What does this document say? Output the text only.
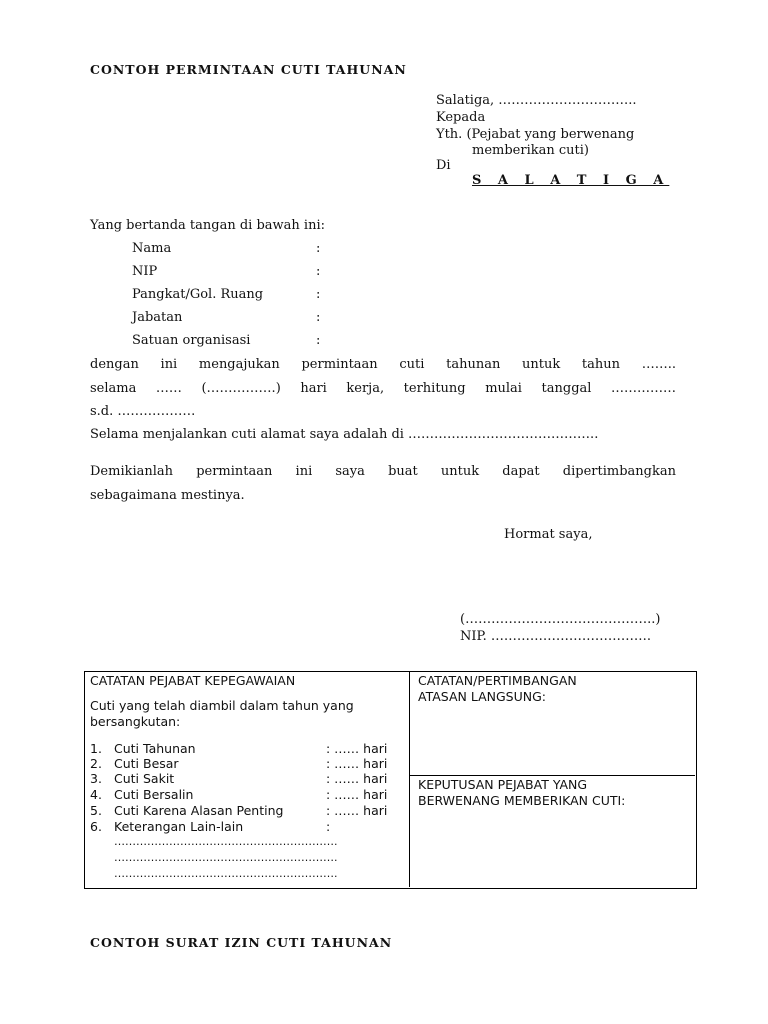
CONTOH PERMINTAAN CUTI TAHUNAN
Salatiga, …………………………..
Kepada
Yth. (Pejabat yang berwenang
memberikan cuti)
Di
S A L A T I G A
Yang bertanda tangan di bawah ini:
Nama	:
NIP	:
Pangkat/Gol. Ruang	:
Jabatan	:
Satuan organisasi	:
dengan ini mengajukan permintaan cuti tahunan untuk tahun ……..
selama …… (…………….) hari kerja, terhitung mulai tanggal ……………
s.d. ………………
Selama menjalankan cuti alamat saya adalah di ……………………………………..
Demikianlah permintaan ini saya buat untuk dapat dipertimbangkan
sebagaimana mestinya.
Hormat saya,
(……………………………………..)
NIP. ……………………………….
CATATAN PEJABAT KEPEGAWAIAN
Cuti yang telah diambil dalam tahun yang
bersangkutan:
1. Cuti Tahunan	: …… hari
2. Cuti Besar	: …… hari
3. Cuti Sakit	: …… hari
4. Cuti Bersalin	: …… hari
5. Cuti Karena Alasan Penting	: …… hari
6. Keterangan Lain-lain	:
…………………………………………………….
…………………………………………………….
…………………………………………………….
CATATAN/PERTIMBANGAN
ATASAN LANGSUNG:
KEPUTUSAN PEJABAT YANG
BERWENANG MEMBERIKAN CUTI:
CONTOH SURAT IZIN CUTI TAHUNAN
